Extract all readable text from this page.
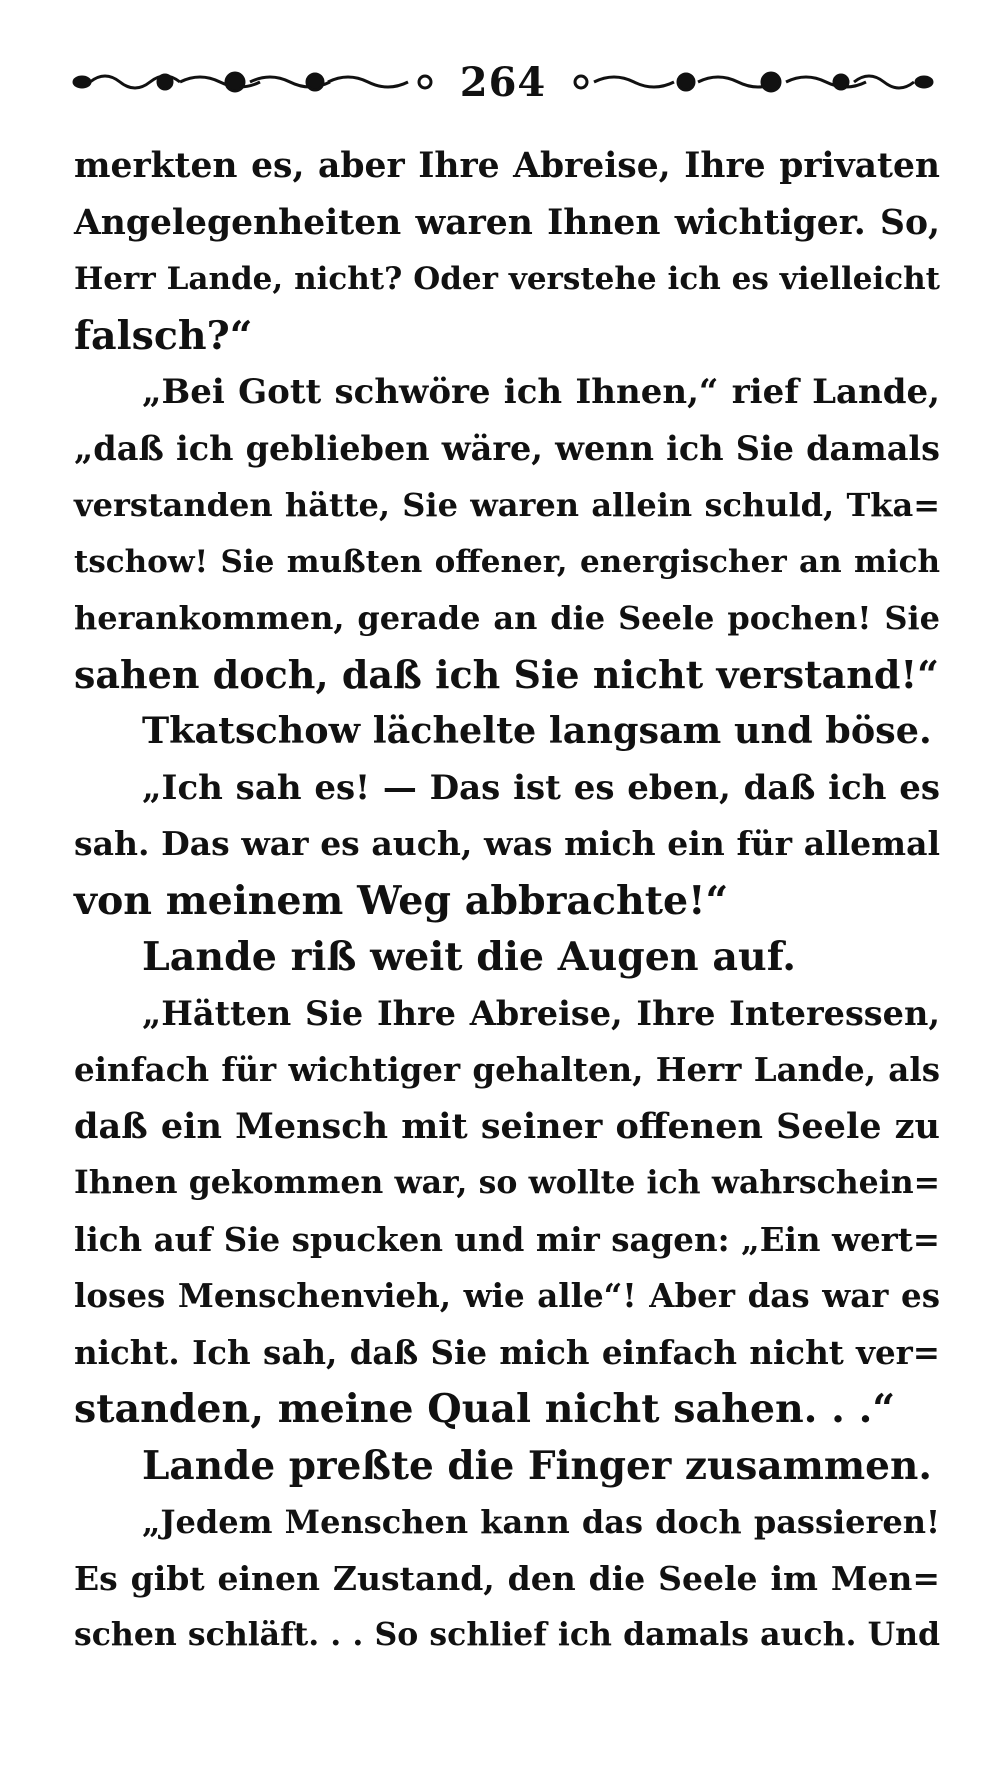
264
merkten es, aber Ihre Abreise, Ihre privaten
Angelegenheiten waren Ihnen wichtiger. So,
Herr Lande, nicht? Oder verstehe ich es vielleicht
falsch?“
„Bei Gott schwöre ich Ihnen,“ rief Lande,
„daß ich geblieben wäre, wenn ich Sie damals
verstanden hätte, Sie waren allein schuld, Tka=
tschow! Sie mußten offener, energischer an mich
herankommen, gerade an die Seele pochen! Sie
sahen doch, daß ich Sie nicht verstand!“
Tkatschow lächelte langsam und böse.
„Ich sah es! — Das ist es eben, daß ich es
sah. Das war es auch, was mich ein für allemal
von meinem Weg abbrachte!“
Lande riß weit die Augen auf.
„Hätten Sie Ihre Abreise, Ihre Interessen,
einfach für wichtiger gehalten, Herr Lande, als
daß ein Mensch mit seiner offenen Seele zu
Ihnen gekommen war, so wollte ich wahrschein=
lich auf Sie spucken und mir sagen: „Ein wert=
loses Menschenvieh, wie alle“! Aber das war es
nicht. Ich sah, daß Sie mich einfach nicht ver=
standen, meine Qual nicht sahen. . .“
Lande preßte die Finger zusammen.
„Jedem Menschen kann das doch passieren!
Es gibt einen Zustand, den die Seele im Men=
schen schläft. . . So schlief ich damals auch. Und
